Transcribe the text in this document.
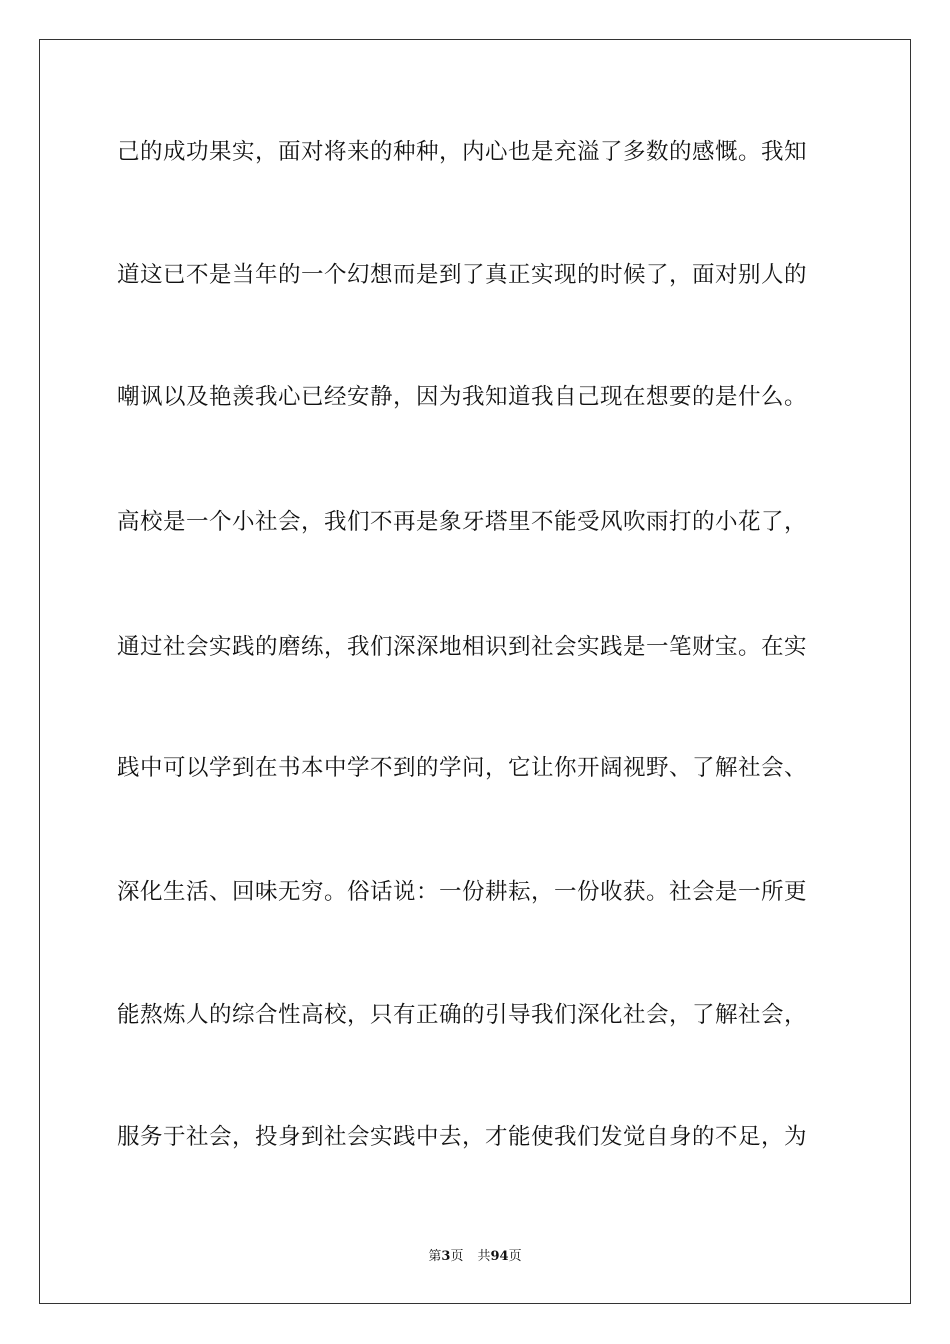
己的成功果实，面对将来的种种，内心也是充溢了多数的感慨。我知
道这已不是当年的一个幻想而是到了真正实现的时候了，面对别人的
嘲讽以及艳羡我心已经安静，因为我知道我自己现在想要的是什么。
高校是一个小社会，我们不再是象牙塔里不能受风吹雨打的小花了，
通过社会实践的磨练，我们深深地相识到社会实践是一笔财宝。在实
践中可以学到在书本中学不到的学问，它让你开阔视野、了解社会、
深化生活、回味无穷。俗话说：一份耕耘，一份收获。社会是一所更
能熬炼人的综合性高校，只有正确的引导我们深化社会，了解社会，
服务于社会，投身到社会实践中去，才能使我们发觉自身的不足，为
第3页 共94页
